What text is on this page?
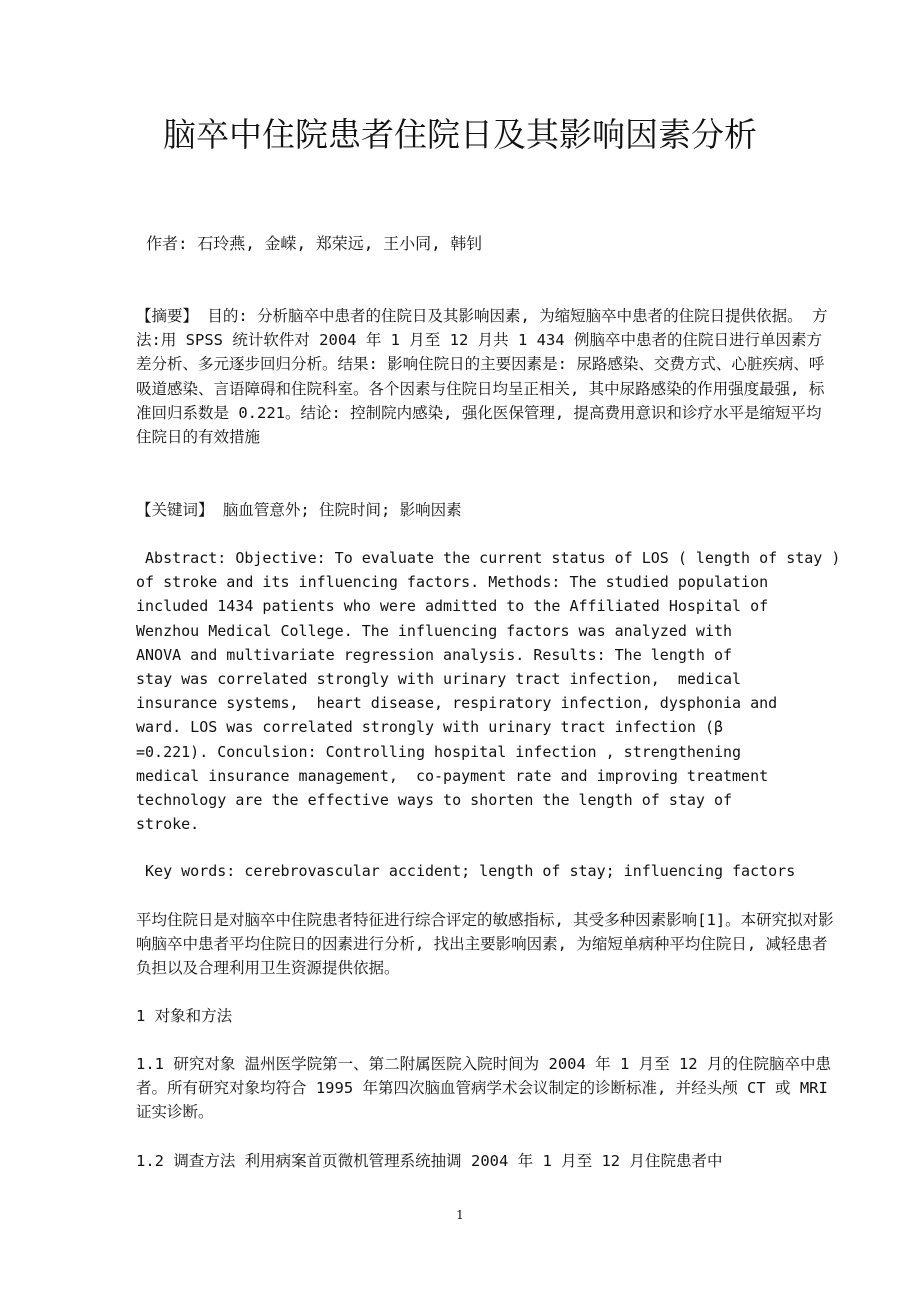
脑卒中住院患者住院日及其影响因素分析
作者: 石玲燕, 金嵘, 郑荣远, 王小同, 韩钊

【摘要】 目的: 分析脑卒中患者的住院日及其影响因素, 为缩短脑卒中患者的住院日提供依据。 方法:用 SPSS 统计软件对 2004 年 1 月至 12 月共 1 434 例脑卒中患者的住院日进行单因素方差分析、多元逐步回归分析。结果: 影响住院日的主要因素是: 尿路感染、交费方式、心脏疾病、呼吸道感染、言语障碍和住院科室。各个因素与住院日均呈正相关, 其中尿路感染的作用强度最强, 标准回归系数是 0.221。结论: 控制院内感染, 强化医保管理, 提高费用意识和诊疗水平是缩短平均住院日的有效措施

【关键词】 脑血管意外; 住院时间; 影响因素

Abstract: Objective: To evaluate the current status of LOS ( length of stay )
of stroke and its influencing factors. Methods: The studied population
included 1434 patients who were admitted to the Affiliated Hospital of
Wenzhou Medical College. The influencing factors was analyzed with
ANOVA and multivariate regression analysis. Results: The length of
stay was correlated strongly with urinary tract infection,  medical
insurance systems,  heart disease, respiratory infection, dysphonia and
ward. LOS was correlated strongly with urinary tract infection (β
=0.221). Conculsion: Controlling hospital infection , strengthening
medical insurance management,  co-payment rate and improving treatment
technology are the effective ways to shorten the length of stay of
stroke.
Key words: cerebrovascular accident; length of stay; influencing factors

平均住院日是对脑卒中住院患者特征进行综合评定的敏感指标, 其受多种因素影响[1]。本研究拟对影响脑卒中患者平均住院日的因素进行分析, 找出主要影响因素, 为缩短单病种平均住院日, 减轻患者负担以及合理利用卫生资源提供依据。

1 对象和方法

1.1 研究对象 温州医学院第一、第二附属医院入院时间为 2004 年 1 月至 12 月的住院脑卒中患者。所有研究对象均符合 1995 年第四次脑血管病学术会议制定的诊断标准, 并经头颅 CT 或 MRI 证实诊断。

1.2 调查方法 利用病案首页微机管理系统抽调 2004 年 1 月至 12 月住院患者中

1
